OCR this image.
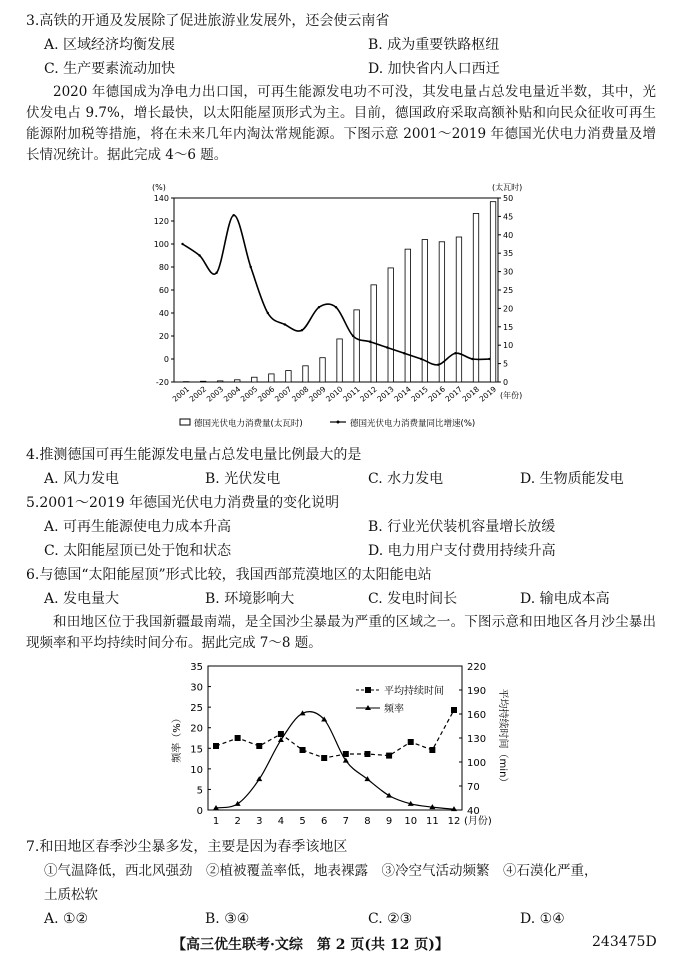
3.高铁的开通及发展除了促进旅游业发展外，还会使云南省
A. 区域经济均衡发展	B. 成为重要铁路枢纽
C. 生产要素流动加快	D. 加快省内人口西迁

2020 年德国成为净电力出口国，可再生能源发电功不可没，其发电量占总发电量近半数，其中，光伏发电占 9.7%，增长最快，以太阳能屋顶形式为主。目前，德国政府采取高额补贴和向民众征收可再生能源附加税等措施，将在未来几年内淘汰常规能源。下图示意 2001～2019 年德国光伏电力消费量及增长情况统计。据此完成 4～6 题。

140
120
100
80
60
40
20
0
-20
50
45
40
35
30
25
20
15
10
5
0
(%)	(太瓦时)
2001
2002
2003
2004
2005
2006
2007
2008
2009
2010
2011
2012
2013
2014
2015
2016
2017
2018
2019 (年份)
德国光伏电力消费量(太瓦时)	德国光伏电力消费量同比增速(%)
4.推测德国可再生能源发电量占总发电量比例最大的是
A. 风力发电	B. 光伏发电	C. 水力发电	D. 生物质能发电
5.2001～2019 年德国光伏电力消费量的变化说明
A. 可再生能源使电力成本升高	B. 行业光伏装机容量增长放缓
C. 太阳能屋顶已处于饱和状态	D. 电力用户支付费用持续升高
6.与德国“太阳能屋顶”形式比较，我国西部荒漠地区的太阳能电站
A. 发电量大	B. 环境影响大	C. 发电时间长	D. 输电成本高

和田地区位于我国新疆最南端，是全国沙尘暴最为严重的区域之一。下图示意和田地区各月沙尘暴出现频率和平均持续时间分布。据此完成 7～8 题。

35
30
25
20
15
10
5
0
220
190
160
130
100
70
40
频率（%）	平均持续时间（min）
1 2 3 4 5 6 7 8 9 10 11 12 (月份)
平均持续时间
频率
7.和田地区春季沙尘暴多发，主要是因为春季该地区
①气温降低，西北风强劲　②植被覆盖率低，地表裸露　③冷空气活动频繁　④石漠化严重，
土质松软
A. ①②	B. ③④	C. ②③	D. ①④
【高三优生联考·文综　第 2 页(共 12 页)】	243475D
